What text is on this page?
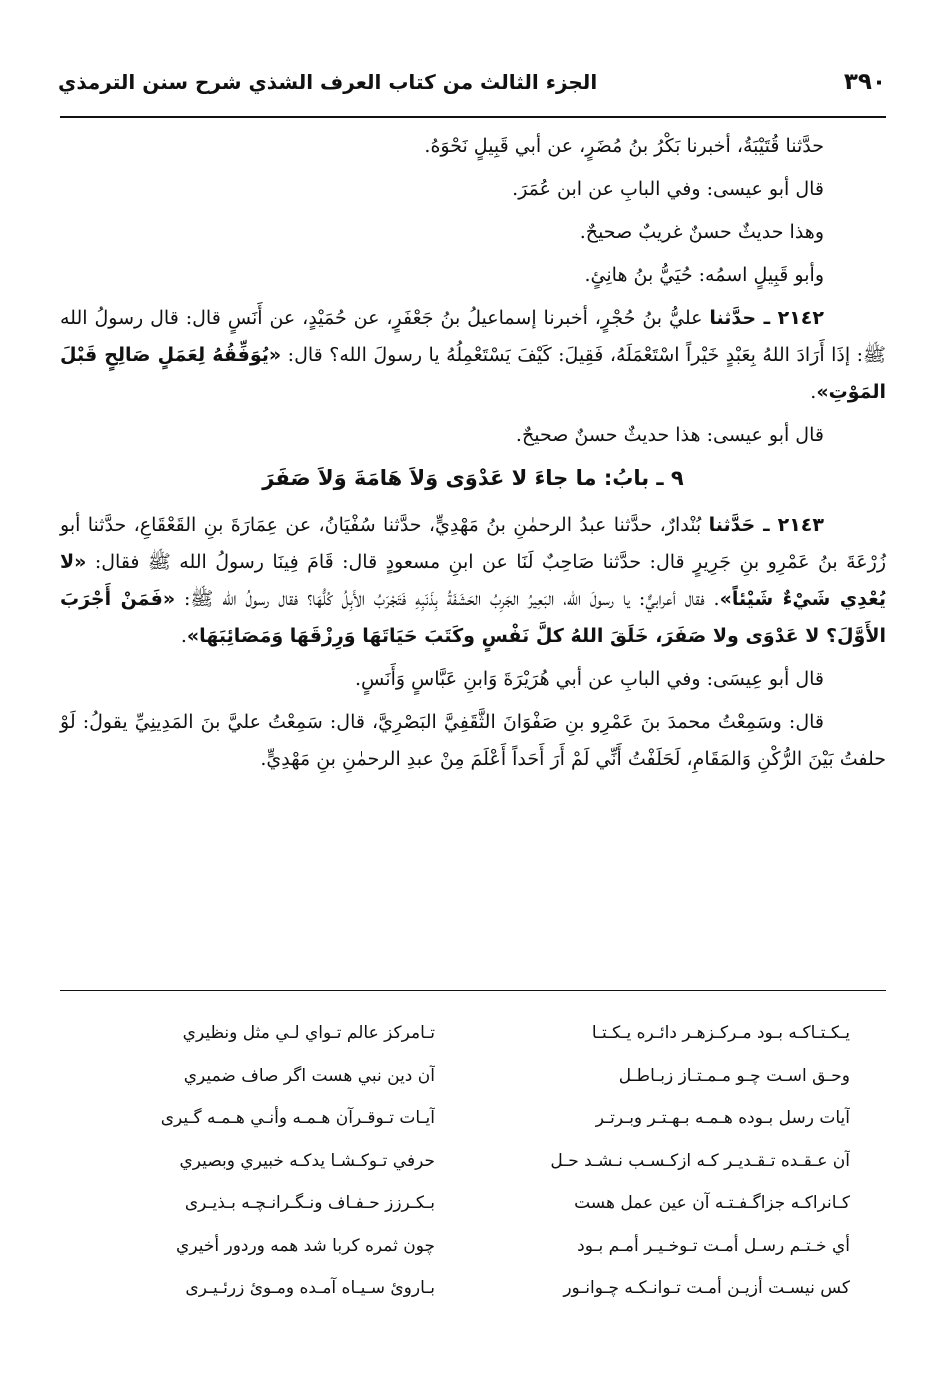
٣٩٠
الجزء الثالث من كتاب العرف الشذي شرح سنن الترمذي

حدَّثنا قُتَيْبَةُ، أخبرنا بَكْرُ بنُ مُضَرٍ، عن أبي قَبِيلٍ نَحْوَهُ.

قال أبو عيسى: وفي البابِ عن ابن عُمَرَ.

وهذا حديثٌ حسنٌ غريبٌ صحيحٌ.

وأبو قَبِيلٍ اسمُه: حُيَيُّ بنُ هانِئٍ.

٢١٤٢ ـ حدَّثنا عليُّ بنُ حُجْرٍ، أخبرنا إسماعيلُ بنُ جَعْفَرٍ، عن حُمَيْدٍ، عن أَنَسٍ قال: قال رسولُ الله ﷺ: إذَا أَرَادَ اللهُ بِعَبْدٍ خَيْراً اسْتَعْمَلَهُ، فَقِيلَ: كَيْفَ يَسْتَعْمِلُهُ يا رسولَ الله؟ قال: «يُوَفِّقُهُ لِعَمَلٍ صَالِحٍ قَبْلَ المَوْتِ».

قال أبو عيسى: هذا حديثٌ حسنٌ صحيحٌ.

٩ ـ بابُ: ما جاءَ لا عَدْوَى وَلاَ هَامَةَ وَلاَ صَفَرَ

٢١٤٣ ـ حَدَّثنا بُنْدارٌ، حدَّثنا عبدُ الرحمٰنِ بنُ مَهْدِيٍّ، حدَّثنا سُفْيَانُ، عن عِمَارَةَ بنِ القَعْقَاعِ، حدَّثنا أبو زُرْعَةَ بنُ عَمْرِو بنِ جَرِيرٍ قال: حدَّثنا صَاحِبٌ لَنَا عن ابنِ مسعودٍ قال: قَامَ فِينَا رسولُ الله ﷺ فقال: «لا يُعْدِي شَيْءٌ شَيْئاً». فقال أعرابيٌّ: يا رسولَ الله، البَعِيرُ الجَرِبُ الحَشَفَةُ بِذَنَبِهِ فَتَجْرَبُ الأَبِلُ كُلُّهَا؟ فقال رسولُ الله ﷺ: «فَمَنْ أَجْرَبَ الأَوَّلَ؟ لا عَدْوَى ولا صَفَرَ، خَلَقَ اللهُ كلَّ نَفْسٍ وكَتَبَ حَيَاتَهَا وَرِزْقَهَا وَمَصَائِبَهَا».

قال أبو عِيسَى: وفي البابِ عن أبي هُرَيْرَةَ وَابنِ عَبَّاسٍ وَأَنَسٍ.

قال: وسَمِعْتُ محمدَ بنَ عَمْرِو بنِ صَفْوَانَ الثَّقَفِيَّ البَصْرِيَّ، قال: سَمِعْتُ عليَّ بنَ المَدِينِيِّ يقولُ: لَوْ حلفتُ بَيْنَ الرُّكْنِ وَالمَقَامِ، لَحَلَفْتُ أَنِّي لَمْ أَرَ أَحَداً أَعْلَمَ مِنْ عبدِ الرحمٰنِ بنِ مَهْدِيٍّ.

يـكـتـاكـه بـود مـركـزهـر دائـره يـكـتـا
تـامركز عالم تـواي لـي مثل ونظيري
وحـق اسـت چـو مـمـتـاز زبـاطـل
آن دين نبي هست اگر صاف ضميري
آيات رسل بـوده هـمـه بـهـتـر وبـرتـر
آيـات تـوقـرآن هـمـه وأنـي هـمـه گـيرى
آن عـقـده تـقـديـر كـه ازكـسـب نـشـد حـل
حرفي تـوكـشـا يدكـه خبيري وبصيري
كـانراكـه جزاگـفـتـه آن عين عمل هست
بـكـرزز حـفـاف ونـگـرانـچـه بـذيـرى
أي خـتـم رسـل أمـت تـوخـيـر أمـم بـود
چون ثمره كربا شد همه وردور أخيري
كس نيسـت أزيـن أمـت تـوانـكـه چـوانـور
بـاروئ سـيـاه آمـده ومـوئ زرئـيـرى
